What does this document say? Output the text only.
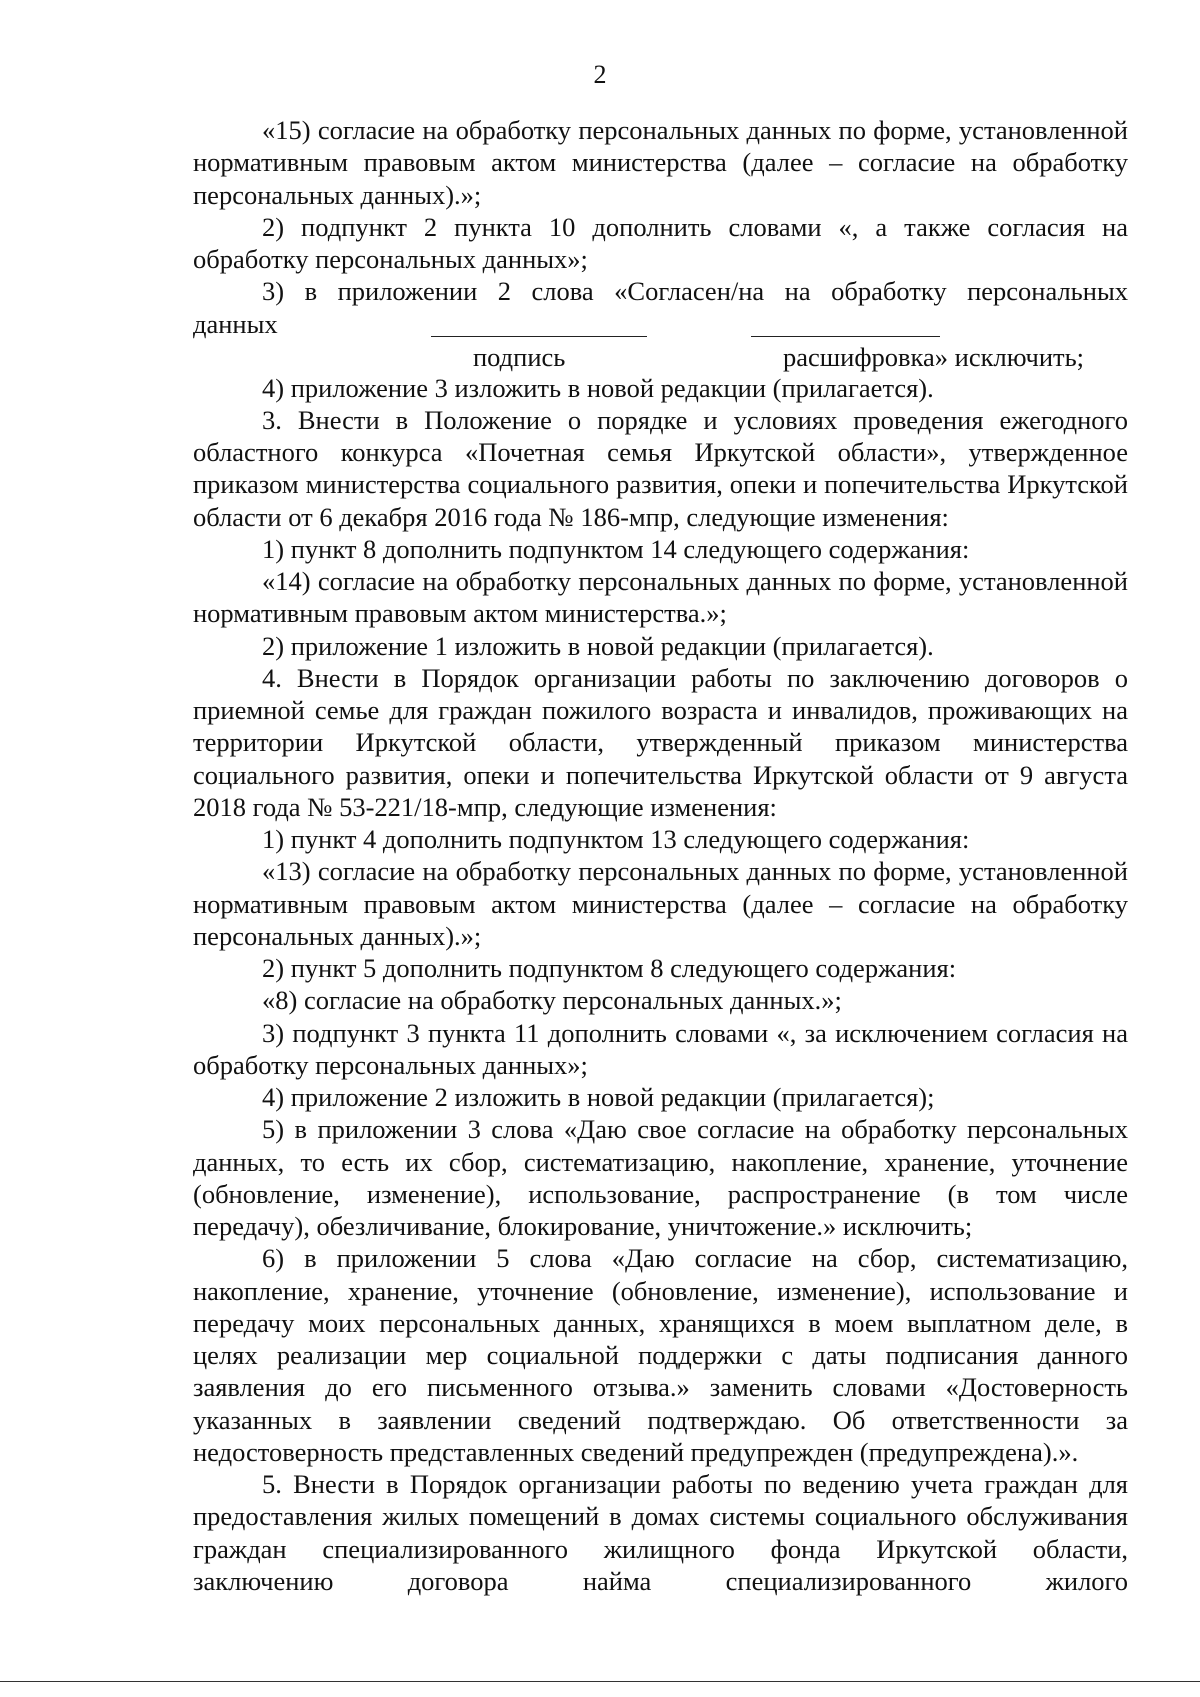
2

«15) согласие на обработку персональных данных по форме, установленной нормативным правовым актом министерства (далее – согласие на обработку персональных данных).»;

2) подпункт 2 пункта 10 дополнить словами «, а также согласия на обработку персональных данных»;

3) в приложении 2 слова «Согласен/на на обработку персональных

данных
подпись	расшифровка» исключить;

4) приложение 3 изложить в новой редакции (прилагается).

3. Внести в Положение о порядке и условиях проведения ежегодного областного конкурса «Почетная семья Иркутской области», утвержденное приказом министерства социального развития, опеки и попечительства Иркутской области от 6 декабря 2016 года № 186-мпр, следующие изменения:

1) пункт 8 дополнить подпунктом 14 следующего содержания:

«14) согласие на обработку персональных данных по форме, установленной нормативным правовым актом министерства.»;

2) приложение 1 изложить в новой редакции (прилагается).

4. Внести в Порядок организации работы по заключению договоров о приемной семье для граждан пожилого возраста и инвалидов, проживающих на территории Иркутской области, утвержденный приказом министерства социального развития, опеки и попечительства Иркутской области от 9 августа 2018 года № 53-221/18-мпр, следующие изменения:

1) пункт 4 дополнить подпунктом 13 следующего содержания:

«13) согласие на обработку персональных данных по форме, установленной нормативным правовым актом министерства (далее – согласие на обработку персональных данных).»;

2) пункт 5 дополнить подпунктом 8 следующего содержания:

«8) согласие на обработку персональных данных.»;

3) подпункт 3 пункта 11 дополнить словами «, за исключением согласия на обработку персональных данных»;

4) приложение 2 изложить в новой редакции (прилагается);

5) в приложении 3 слова «Даю свое согласие на обработку персональных данных, то есть их сбор, систематизацию, накопление, хранение, уточнение (обновление, изменение), использование, распространение (в том числе передачу), обезличивание, блокирование, уничтожение.» исключить;

6) в приложении 5 слова «Даю согласие на сбор, систематизацию, накопление, хранение, уточнение (обновление, изменение), использование и передачу моих персональных данных, хранящихся в моем выплатном деле, в целях реализации мер социальной поддержки с даты подписания данного заявления до его письменного отзыва.» заменить словами «Достоверность указанных в заявлении сведений подтверждаю. Об ответственности за недостоверность представленных сведений предупрежден (предупреждена).».

5. Внести в Порядок организации работы по ведению учета граждан для предоставления жилых помещений в домах системы социального обслуживания граждан специализированного жилищного фонда Иркутской области, заключению договора найма специализированного жилого
